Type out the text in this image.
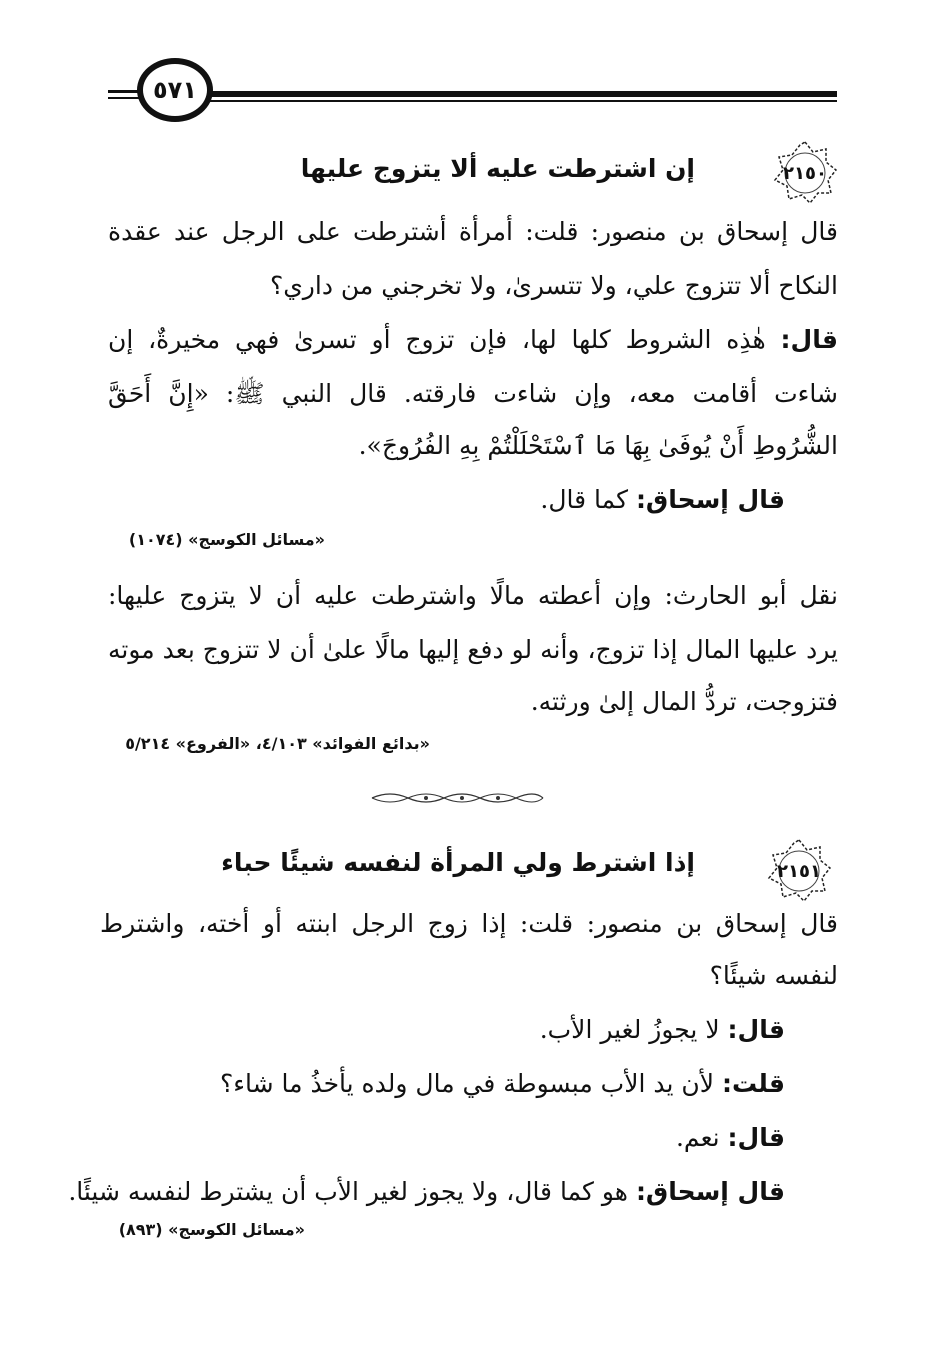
٥٧١
٢١٥٠
إن اشترطت عليه ألا يتزوج عليها
قال إسحاق بن منصور: قلت: أمرأة أشترطت على الرجل عند عقدة
النكاح ألا تتزوج علي، ولا تتسرىٰ، ولا تخرجني من داري؟
قال: هٰذِه الشروط كلها لها، فإن تزوج أو تسرىٰ فهي مخيرةٌ، إن
شاءت أقامت معه، وإن شاءت فارقته. قال النبي ﷺ: «إِنَّ أَحَقَّ
الشُّرُوطِ أَنْ يُوفَىٰ بِهَا مَا ٱسْتَحْلَلْتُمْ بِهِ الفُرُوجَ».
قال إسحاق: كما قال.
«مسائل الكوسج» (١٠٧٤)
نقل أبو الحارث: وإن أعطته مالًا واشترطت عليه أن لا يتزوج عليها:
يرد عليها المال إذا تزوج، وأنه لو دفع إليها مالًا علىٰ أن لا تتزوج بعد موته
فتزوجت، تردُّ المال إلىٰ ورثته.
«بدائع الفوائد» ٤/١٠٣، «الفروع» ٥/٢١٤
٢١٥١
إذا اشترط ولي المرأة لنفسه شيئًا حباء
قال إسحاق بن منصور: قلت: إذا زوج الرجل ابنته أو أخته، واشترط
لنفسه شيئًا؟
قال: لا يجوزُ لغير الأب.
قلت: لأن يد الأب مبسوطة في مال ولده يأخذُ ما شاء؟
قال: نعم.
قال إسحاق: هو كما قال، ولا يجوز لغير الأب أن يشترط لنفسه شيئًا.
«مسائل الكوسج» (٨٩٣)
